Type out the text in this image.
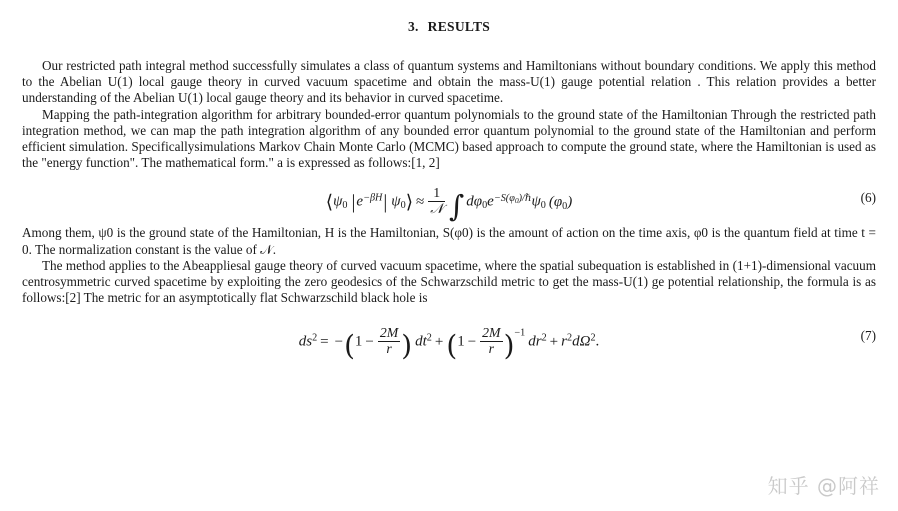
3. RESULTS

Our restricted path integral method successfully simulates a class of quantum systems and Hamiltonians without boundary conditions. We apply this method to the Abelian U(1) local gauge theory in curved vacuum spacetime and obtain the mass-U(1) gauge potential relation . This relation provides a better understanding of the Abelian U(1) local gauge theory and its behavior in curved spacetime.

Mapping the path-integration algorithm for arbitrary bounded-error quantum polynomials to the ground state of the Hamiltonian Through the restricted path integration method, we can map the path integration algorithm of any bounded error quantum polynomial to the ground state of the Hamiltonian and perform efficient simulation. Specificallysimulations Markov Chain Monte Carlo (MCMC) based approach to compute the ground state, where the Hamiltonian is used as the "energy function". The mathematical form." a is expressed as follows:[1, 2]

$⟨\psi_0$ $|e^{-\beta H}|$ $\psi_0⟩ \approx \frac{1}{\text{𝒩}}$ ∫ $d\varphi_0e^{-S(\varphi 0)/\hbar}\psi_0$ $(\varphi_0)$	(6)

Among them, ψ0 is the ground state of the Hamiltonian, H is the Hamiltonian, S(φ0) is the amount of action on the time axis, φ0 is the quantum field at time t = 0. The normalization constant is the value of 𝒩.

The method applies to the Abeappliesal gauge theory of curved vacuum spacetime, where the spatial subequation is established in (1+1)-dimensional vacuum centrosymmetric curved spacetime by exploiting the zero geodesics of the Schwarzschild metric to get the mass-U(1) ge potential relationship, the formula is as follows:[2] The metric for an asymptotically flat Schwarzschild black hole is

$ds^2 = -(1 - \frac{2M}{r}$ ) $dt^2 + (1 - \frac{2M}{r} )^{-1}dr^2 + r^2d\Omega^2$.	(7)
知乎 @阿祥
